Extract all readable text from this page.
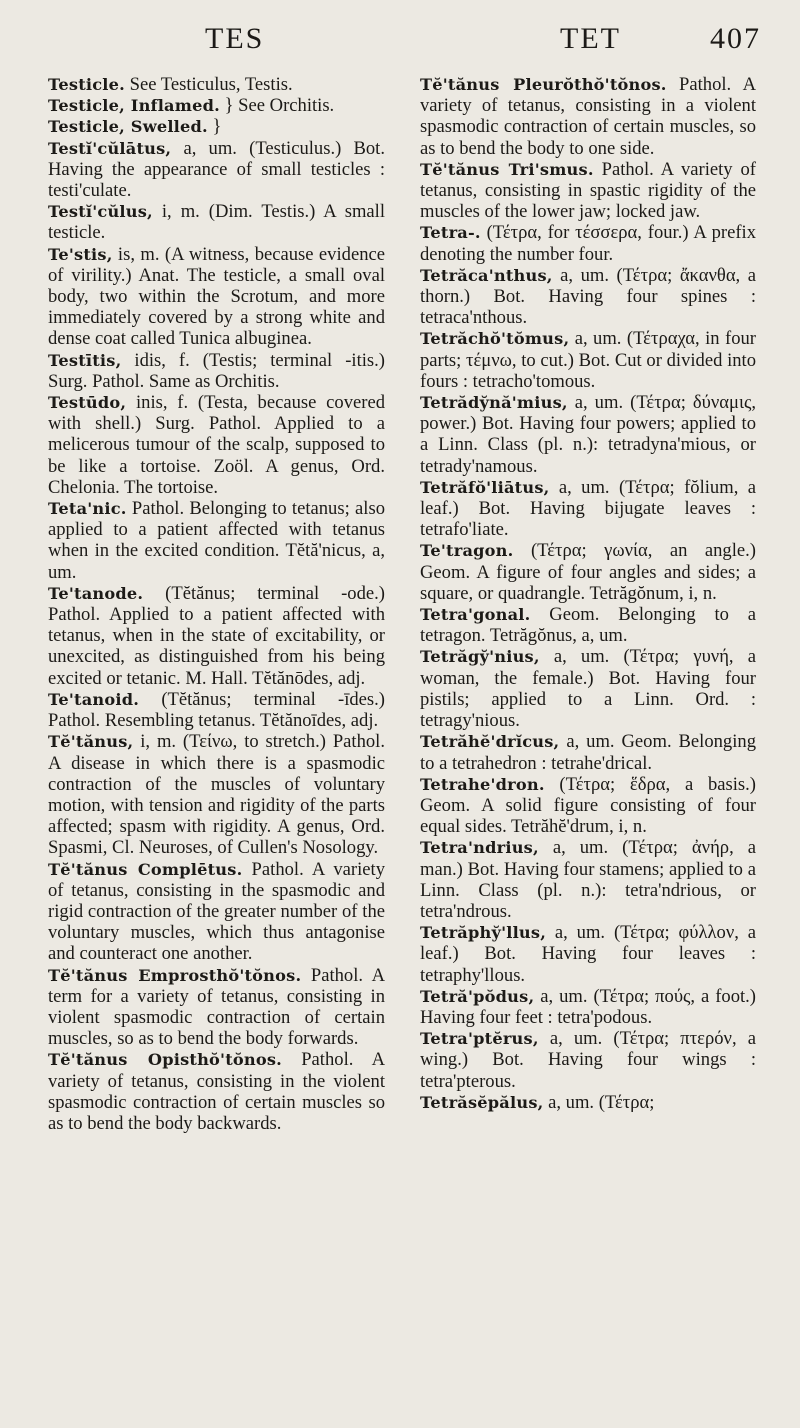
TES	TET	407

Testicle. See Testiculus, Testis.

Testicle, Inflamed. } See Orchitis.

Testicle, Swelled. }

Testĭ'cŭlātus, a, um. (Testiculus.) Bot. Having the appearance of small testicles : testi'culate.

Testĭ'cŭlus, i, m. (Dim. Testis.) A small testicle.

Te'stis, is, m. (A witness, because evidence of virility.) Anat. The testicle, a small oval body, two within the Scrotum, and more immediately covered by a strong white and dense coat called Tunica albuginea.

Testītis, idis, f. (Testis; terminal -itis.) Surg. Pathol. Same as Orchitis.

Testūdo, inis, f. (Testa, because covered with shell.) Surg. Pathol. Applied to a melicerous tumour of the scalp, supposed to be like a tortoise. Zoöl. A genus, Ord. Chelonia. The tortoise.

Teta'nic. Pathol. Belonging to tetanus; also applied to a patient affected with tetanus when in the excited condition. Tĕtă'nicus, a, um.

Te'tanode. (Tĕtănus; terminal -ode.) Pathol. Applied to a patient affected with tetanus, when in the state of excitability, or unexcited, as distinguished from his being excited or tetanic. M. Hall. Tĕtănōdes, adj.

Te'tanoid. (Tĕtănus; terminal -īdes.) Pathol. Resembling tetanus. Tĕtănoīdes, adj.

Tĕ'tănus, i, m. (Τείνω, to stretch.) Pathol. A disease in which there is a spasmodic contraction of the muscles of voluntary motion, with tension and rigidity of the parts affected; spasm with rigidity. A genus, Ord. Spasmi, Cl. Neuroses, of Cullen's Nosology.

Tĕ'tănus Complētus. Pathol. A variety of tetanus, consisting in the spasmodic and rigid contraction of the greater number of the voluntary muscles, which thus antagonise and counteract one another.

Tĕ'tănus Emprosthŏ'tŏnos. Pathol. A term for a variety of tetanus, consisting in violent spasmodic contraction of certain muscles, so as to bend the body forwards.

Tĕ'tănus Opisthŏ'tŏnos. Pathol. A variety of tetanus, consisting in the violent spasmodic contraction of certain muscles so as to bend the body backwards.

Tĕ'tănus Pleurŏthŏ'tŏnos. Pathol. A variety of tetanus, consisting in a violent spasmodic contraction of certain muscles, so as to bend the body to one side.

Tĕ'tănus Tri'smus. Pathol. A variety of tetanus, consisting in spastic rigidity of the muscles of the lower jaw; locked jaw.

Tetra-. (Τέτρα, for τέσσερα, four.) A prefix denoting the number four.

Tetrăca'nthus, a, um. (Τέτρα; ἄκανθα, a thorn.) Bot. Having four spines : tetraca'nthous.

Tetrăchŏ'tŏmus, a, um. (Τέτραχα, in four parts; τέμνω, to cut.) Bot. Cut or divided into fours : tetracho'tomous.

Tetrădy̆nă'mius, a, um. (Τέτρα; δύναμις, power.) Bot. Having four powers; applied to a Linn. Class (pl. n.): tetradyna'mious, or tetrady'namous.

Tetrăfŏ'liātus, a, um. (Τέτρα; fŏlium, a leaf.) Bot. Having bijugate leaves : tetrafo'liate.

Te'tragon. (Τέτρα; γωνία, an angle.) Geom. A figure of four angles and sides; a square, or quadrangle. Tetrăgŏnum, i, n.

Tetra'gonal. Geom. Belonging to a tetragon. Tetrăgŏnus, a, um.

Tetrăgy̆'nius, a, um. (Τέτρα; γυνή, a woman, the female.) Bot. Having four pistils; applied to a Linn. Ord. : tetragy'nious.

Tetrăhĕ'drĭcus, a, um. Geom. Belonging to a tetrahedron : tetrahe'drical.

Tetrahe'dron. (Τέτρα; ἕδρα, a basis.) Geom. A solid figure consisting of four equal sides. Tetrăhĕ'drum, i, n.

Tetra'ndrius, a, um. (Τέτρα; ἀνήρ, a man.) Bot. Having four stamens; applied to a Linn. Class (pl. n.): tetra'ndrious, or tetra'ndrous.

Tetrăphy̆'llus, a, um. (Τέτρα; φύλλον, a leaf.) Bot. Having four leaves : tetraphy'llous.

Tetră'pŏdus, a, um. (Τέτρα; πούς, a foot.) Having four feet : tetra'podous.

Tetra'ptĕrus, a, um. (Τέτρα; πτερόν, a wing.) Bot. Having four wings : tetra'pterous.

Tetrăsĕpălus, a, um. (Τέτρα;
